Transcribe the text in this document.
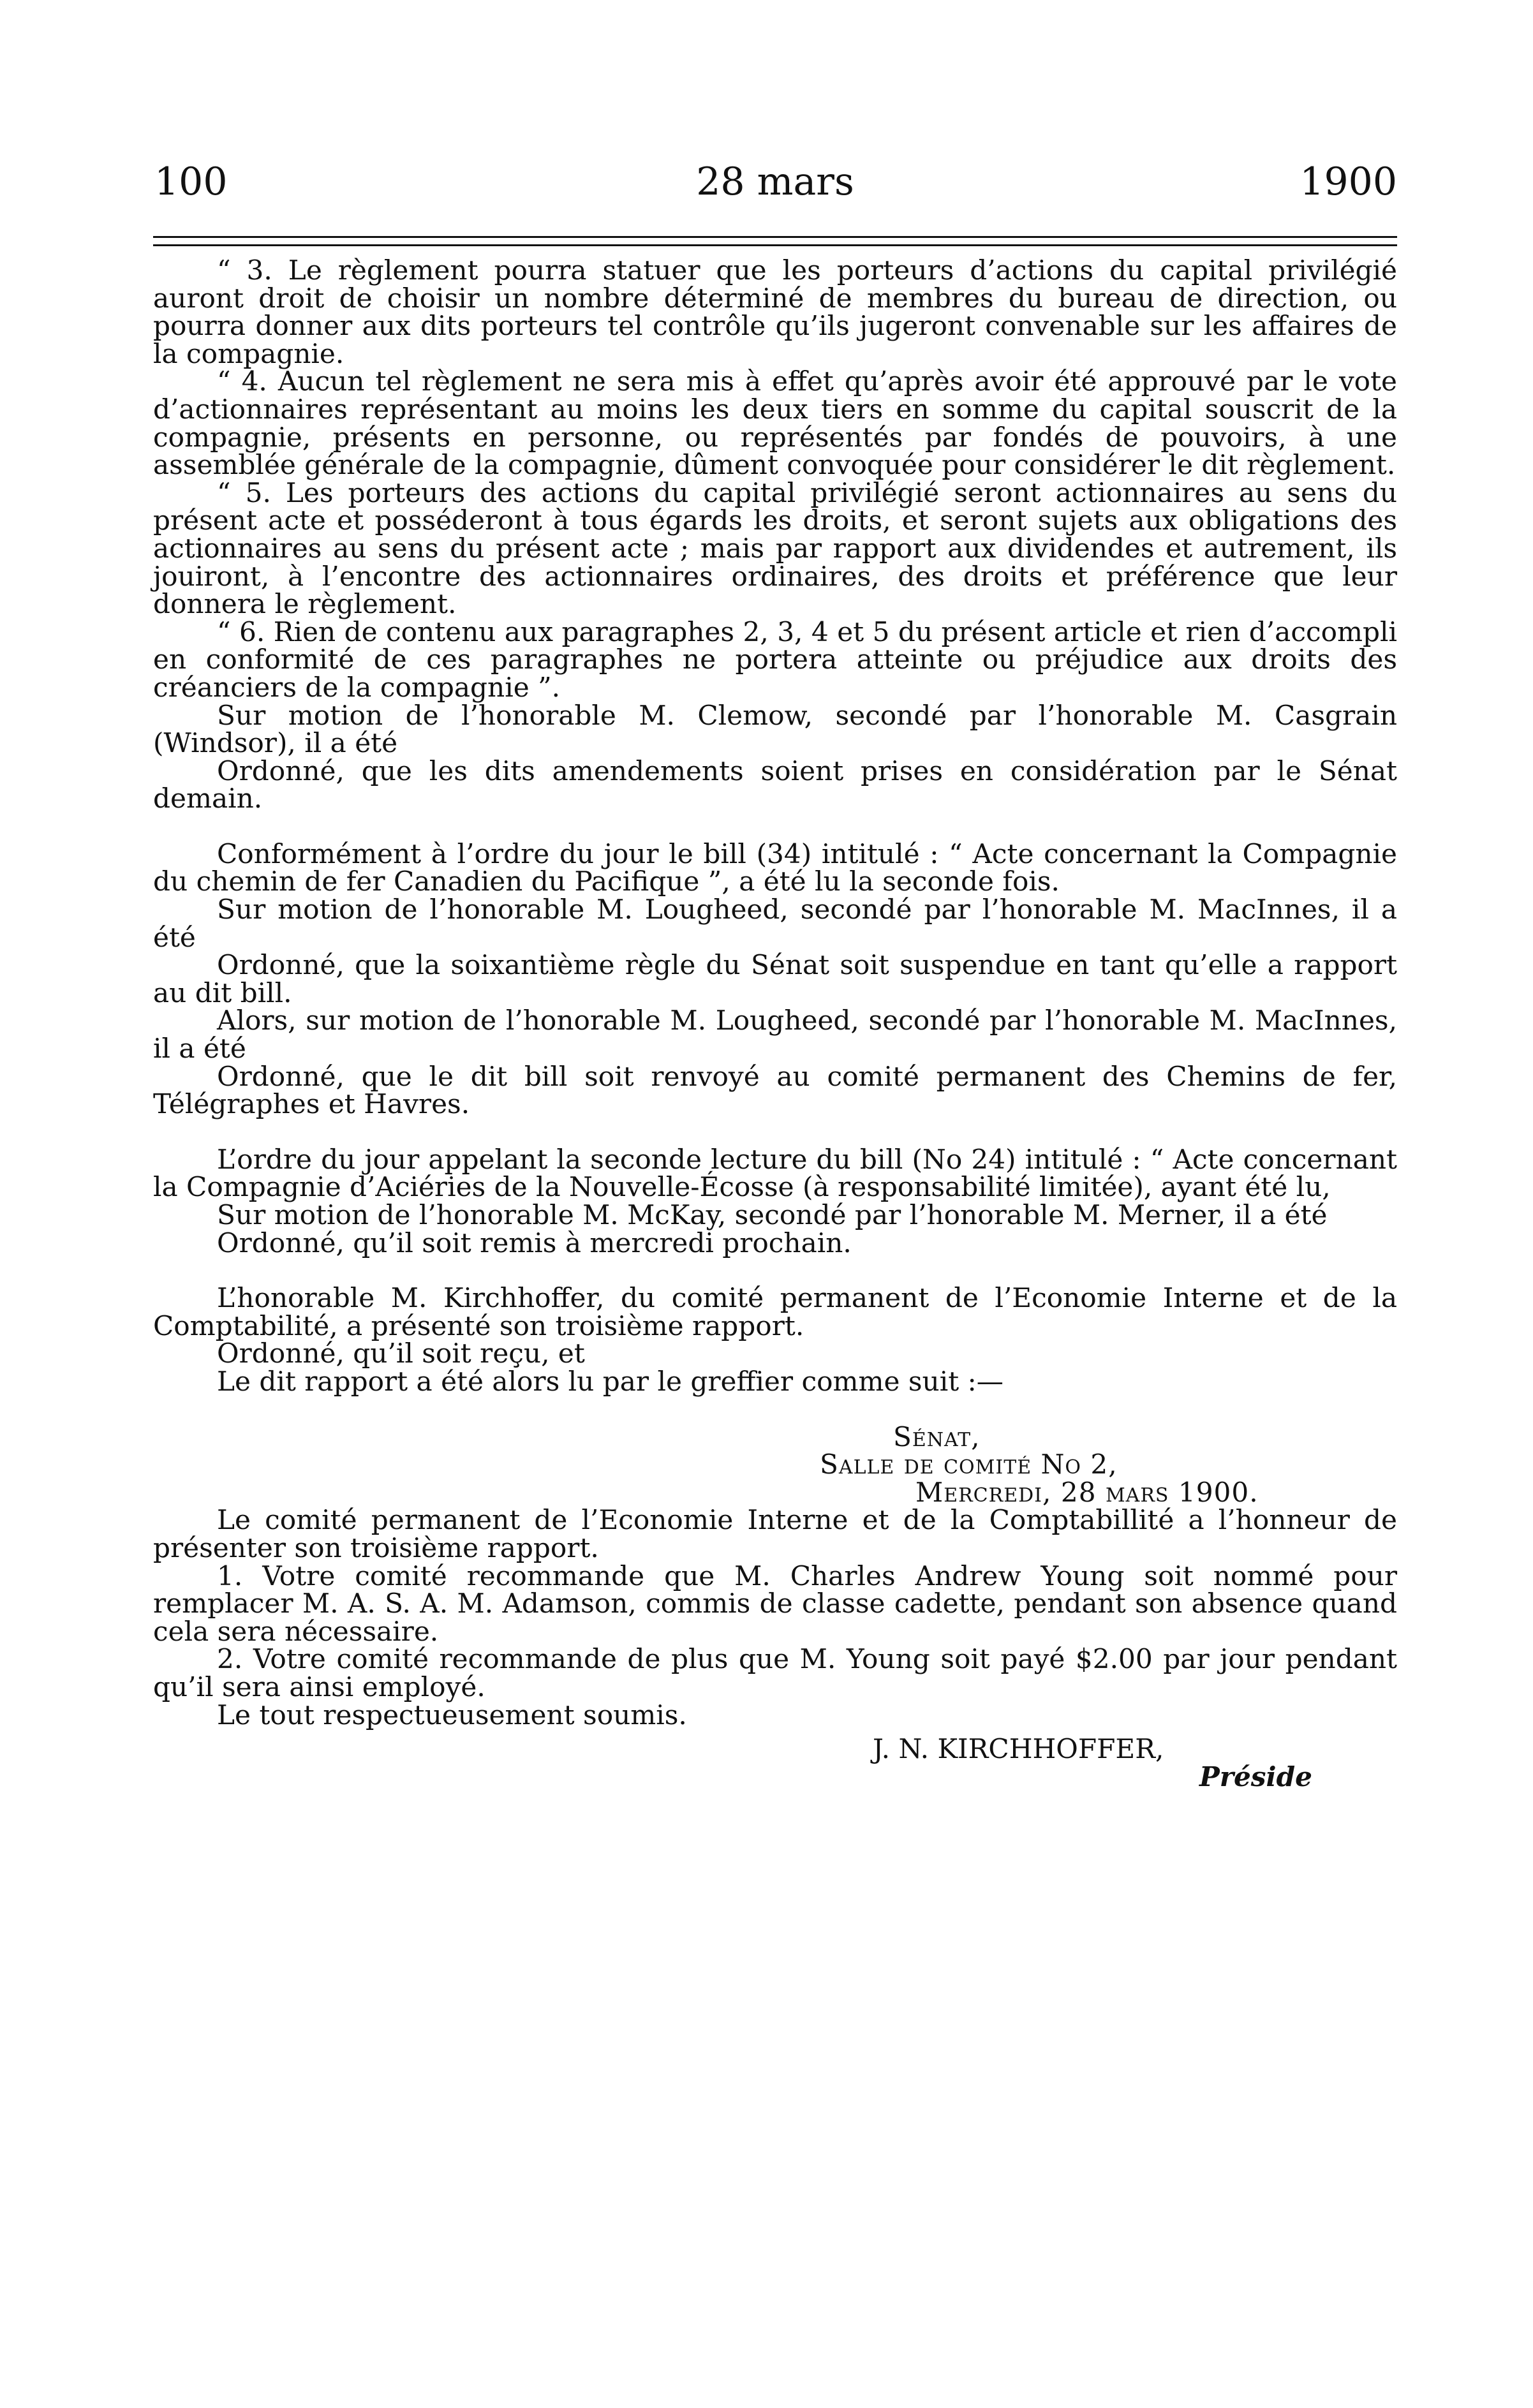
100	28 mars	1900

“ 3. Le règlement pourra statuer que les porteurs d’actions du capital privilégié auront droit de choisir un nombre déterminé de membres du bureau de direction, ou pourra donner aux dits porteurs tel contrôle qu’ils jugeront convenable sur les affaires de la compagnie.

“ 4. Aucun tel règlement ne sera mis à effet qu’après avoir été approuvé par le vote d’actionnaires représentant au moins les deux tiers en somme du capital souscrit de la compagnie, présents en personne, ou représentés par fondés de pouvoirs, à une assemblée générale de la compagnie, dûment convoquée pour considérer le dit règlement.

“ 5. Les porteurs des actions du capital privilégié seront actionnaires au sens du présent acte et posséderont à tous égards les droits, et seront sujets aux obligations des actionnaires au sens du présent acte ; mais par rapport aux dividendes et autrement, ils jouiront, à l’encontre des actionnaires ordinaires, des droits et préférence que leur donnera le règlement.

“ 6. Rien de contenu aux paragraphes 2, 3, 4 et 5 du présent article et rien d’accompli en conformité de ces paragraphes ne portera atteinte ou préjudice aux droits des créanciers de la compagnie ”.

Sur motion de l’honorable M. Clemow, secondé par l’honorable M. Casgrain (Windsor), il a été

Ordonné, que les dits amendements soient prises en considération par le Sénat demain.

Conformément à l’ordre du jour le bill (34) intitulé : “ Acte concernant la Compagnie du chemin de fer Canadien du Pacifique ”, a été lu la seconde fois.

Sur motion de l’honorable M. Lougheed, secondé par l’honorable M. MacInnes, il a été

Ordonné, que la soixantième règle du Sénat soit suspendue en tant qu’elle a rapport au dit bill.

Alors, sur motion de l’honorable M. Lougheed, secondé par l’honorable M. MacInnes, il a été

Ordonné, que le dit bill soit renvoyé au comité permanent des Chemins de fer, Télégraphes et Havres.

L’ordre du jour appelant la seconde lecture du bill (No 24) intitulé : “ Acte concernant la Compagnie d’Aciéries de la Nouvelle-Écosse (à responsabilité limitée), ayant été lu,

Sur motion de l’honorable M. McKay, secondé par l’honorable M. Merner, il a été

Ordonné, qu’il soit remis à mercredi prochain.

L’honorable M. Kirchhoffer, du comité permanent de l’Economie Interne et de la Comptabilité, a présenté son troisième rapport.

Ordonné, qu’il soit reçu, et

Le dit rapport a été alors lu par le greffier comme suit :—

Sénat,
Salle de comité No 2,
Mercredi, 28 mars 1900.

Le comité permanent de l’Economie Interne et de la Comptabillité a l’honneur de présenter son troisième rapport.

1. Votre comité recommande que M. Charles Andrew Young soit nommé pour remplacer M. A. S. A. M. Adamson, commis de classe cadette, pendant son absence quand cela sera nécessaire.

2. Votre comité recommande de plus que M. Young soit payé $2.00 par jour pendant qu’il sera ainsi employé.

Le tout respectueusement soumis.

J. N. KIRCHHOFFER,
Préside
